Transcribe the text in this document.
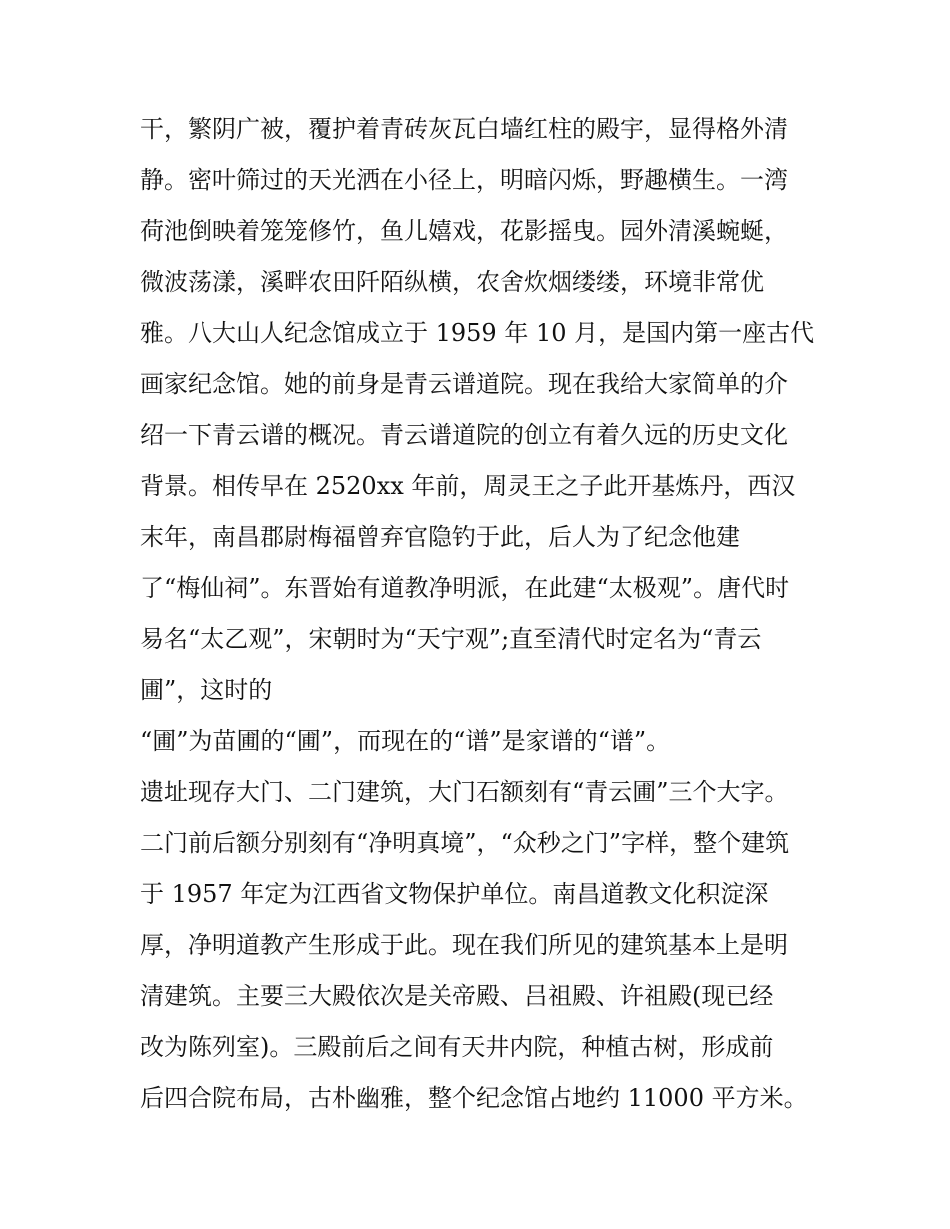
干，繁阴广被，覆护着青砖灰瓦白墙红柱的殿宇，显得格外清
静。密叶筛过的天光洒在小径上，明暗闪烁，野趣横生。一湾
荷池倒映着笼笼修竹，鱼儿嬉戏，花影摇曳。园外清溪蜿蜒，
微波荡漾，溪畔农田阡陌纵横，农舍炊烟缕缕，环境非常优
雅。八大山人纪念馆成立于 1959 年 10 月，是国内第一座古代
画家纪念馆。她的前身是青云谱道院。现在我给大家简单的介
绍一下青云谱的概况。青云谱道院的创立有着久远的历史文化
背景。相传早在 2520xx 年前，周灵王之子此开基炼丹，西汉
末年，南昌郡尉梅福曾弃官隐钓于此，后人为了纪念他建
了“梅仙祠”。东晋始有道教净明派，在此建“太极观”。唐代时
易名“太乙观”，宋朝时为“天宁观”;直至清代时定名为“青云
圃”，这时的
“圃”为苗圃的“圃”，而现在的“谱”是家谱的“谱”。
遗址现存大门、二门建筑，大门石额刻有“青云圃”三个大字。
二门前后额分别刻有“净明真境”，“众秒之门”字样，整个建筑
于 1957 年定为江西省文物保护单位。南昌道教文化积淀深
厚，净明道教产生形成于此。现在我们所见的建筑基本上是明
清建筑。主要三大殿依次是关帝殿、吕祖殿、许祖殿(现已经
改为陈列室)。三殿前后之间有天井内院，种植古树，形成前
后四合院布局，古朴幽雅，整个纪念馆占地约 11000 平方米。
